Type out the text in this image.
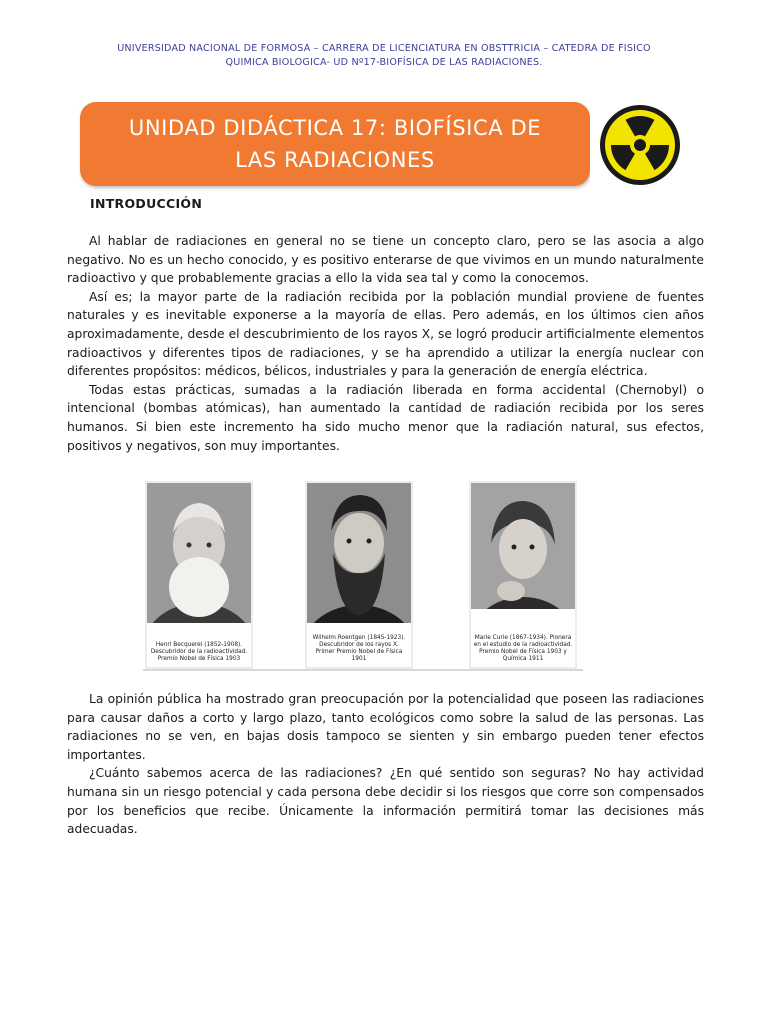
UNIVERSIDAD NACIONAL DE FORMOSA – CARRERA DE LICENCIATURA EN OBSTTRICIA – CATEDRA DE FISICO
QUIMICA BIOLOGICA- UD Nº17-BIOFÍSICA DE LAS RADIACIONES.
UNIDAD DIDÁCTICA 17: BIOFÍSICA DE
LAS RADIACIONES
INTRODUCCIÓN

Al hablar de radiaciones en general no se tiene un concepto claro, pero se las asocia a algo negativo. No es un hecho conocido, y es positivo enterarse de que vivimos en un mundo naturalmente radioactivo y que probablemente gracias a ello la vida sea tal y como la conocemos.

Así es; la mayor parte de la radiación recibida por la población mundial proviene de fuentes naturales y es inevitable exponerse a la mayoría de ellas. Pero además, en los últimos cien años aproximadamente, desde el descubrimiento de los rayos X, se logró producir artificialmente elementos radioactivos y diferentes tipos de radiaciones, y se ha aprendido a utilizar la energía nuclear con diferentes propósitos: médicos, bélicos, industriales y para la generación de energía eléctrica.

Todas estas prácticas, sumadas a la radiación liberada en forma accidental (Chernobyl) o intencional (bombas atómicas), han aumentado la cantidad de radiación recibida por los seres humanos. Si bien este incremento ha sido mucho menor que la radiación natural, sus efectos, positivos y negativos, son muy importantes.

Henri Becquerel (1852-1908). Descubridor de la radioactividad. Premio Nobel de Física 1903
Wilhelm Roentgen (1845-1923). Descubridor de los rayos X. Primer Premio Nobel de Física 1901
Marie Curie (1867-1934). Pionera en el estudio de la radioactividad. Premio Nobel de Física 1903 y Química 1911

La opinión pública ha mostrado gran preocupación por la potencialidad que poseen las radiaciones para causar daños a corto y largo plazo, tanto ecológicos como sobre la salud de las personas. Las radiaciones no se ven, en bajas dosis tampoco se sienten y sin embargo pueden tener efectos importantes.

¿Cuánto sabemos acerca de las radiaciones? ¿En qué sentido son seguras? No hay actividad humana sin un riesgo potencial y cada persona debe decidir si los riesgos que corre son compensados por los beneficios que recibe. Únicamente la información permitirá tomar las decisiones más adecuadas.
